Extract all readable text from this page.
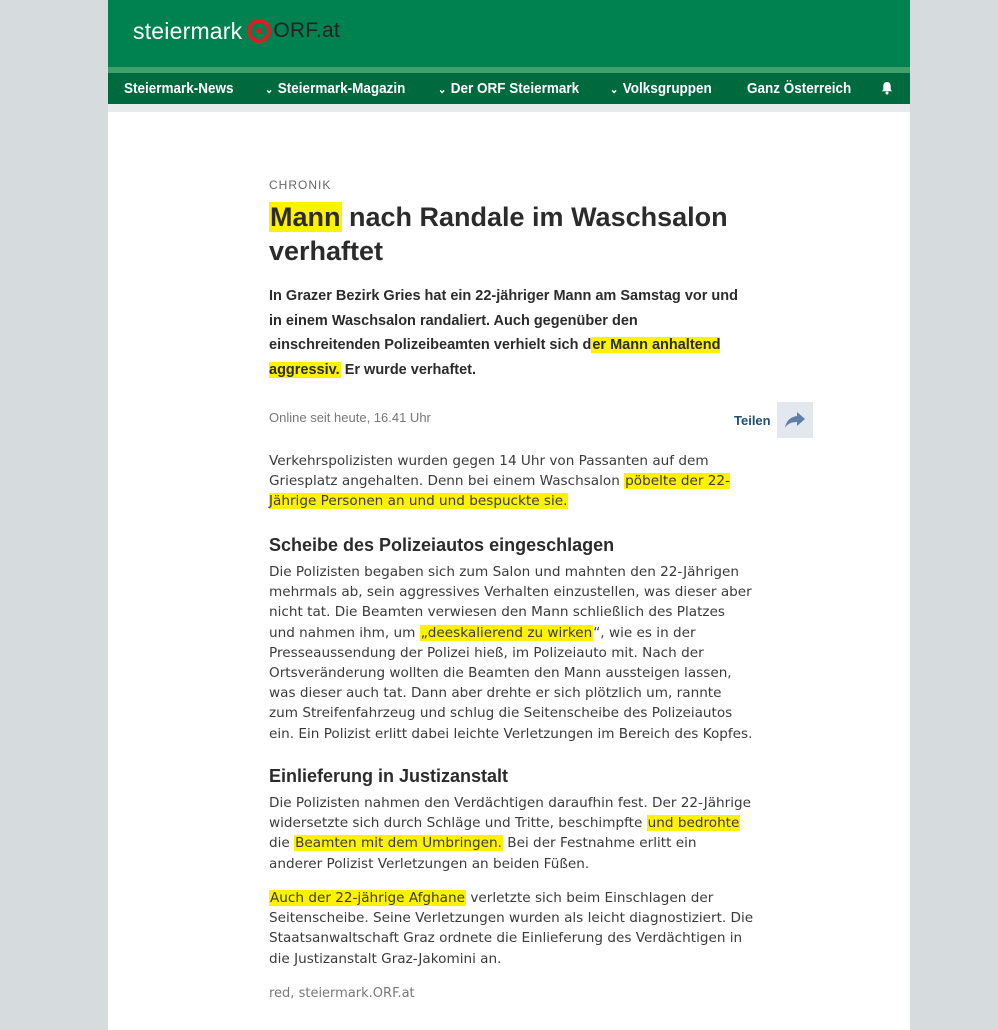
steiermark ORF.at
Steiermark-News	⌄ Steiermark-Magazin	⌄ Der ORF Steiermark	⌄ Volksgruppen Ganz Österreich
CHRONIK
Mann nach Randale im Waschsalon verhaftet
In Grazer Bezirk Gries hat ein 22-jähriger Mann am Samstag vor und in einem Waschsalon randaliert. Auch gegenüber den einschreitenden Polizeibeamten verhielt sich der Mann anhaltend aggressiv. Er wurde verhaftet.
Online seit heute, 16.41 Uhr	Teilen
Verkehrspolizisten wurden gegen 14 Uhr von Passanten auf dem Griesplatz angehalten. Denn bei einem Waschsalon pöbelte der 22-Jährige Personen an und und bespuckte sie.
Scheibe des Polizeiautos eingeschlagen
Die Polizisten begaben sich zum Salon und mahnten den 22-Jährigen mehrmals ab, sein aggressives Verhalten einzustellen, was dieser aber nicht tat. Die Beamten verwiesen den Mann schließlich des Platzes und nahmen ihm, um „deeskalierend zu wirken“, wie es in der Presseaussendung der Polizei hieß, im Polizeiauto mit. Nach der Ortsveränderung wollten die Beamten den Mann aussteigen lassen, was dieser auch tat. Dann aber drehte er sich plötzlich um, rannte zum Streifenfahrzeug und schlug die Seitenscheibe des Polizeiautos ein. Ein Polizist erlitt dabei leichte Verletzungen im Bereich des Kopfes.
Einlieferung in Justizanstalt
Die Polizisten nahmen den Verdächtigen daraufhin fest. Der 22-Jährige widersetzte sich durch Schläge und Tritte, beschimpfte und bedrohte die Beamten mit dem Umbringen. Bei der Festnahme erlitt ein anderer Polizist Verletzungen an beiden Füßen.
Auch der 22-jährige Afghane verletzte sich beim Einschlagen der Seitenscheibe. Seine Verletzungen wurden als leicht diagnostiziert. Die Staatsanwaltschaft Graz ordnete die Einlieferung des Verdächtigen in die Justizanstalt Graz-Jakomini an.
red, steiermark.ORF.at
